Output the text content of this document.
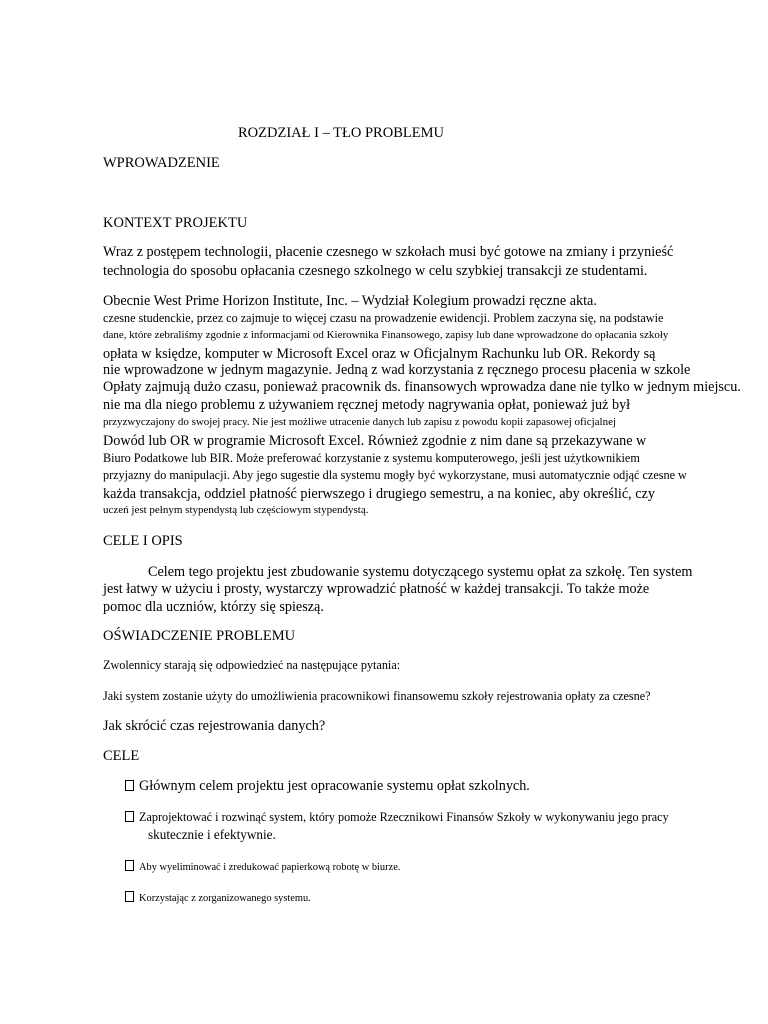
ROZDZIAŁ I – TŁO PROBLEMU
WPROWADZENIE
KONTEXT PROJEKTU
Wraz z postępem technologii, płacenie czesnego w szkołach musi być gotowe na zmiany i przynieść
technologia do sposobu opłacania czesnego szkolnego w celu szybkiej transakcji ze studentami.
Obecnie West Prime Horizon Institute, Inc. – Wydział Kolegium prowadzi ręczne akta.
czesne studenckie, przez co zajmuje to więcej czasu na prowadzenie ewidencji. Problem zaczyna się, na podstawie
dane, które zebraliśmy zgodnie z informacjami od Kierownika Finansowego, zapisy lub dane wprowadzone do opłacania szkoły
opłata w księdze, komputer w Microsoft Excel oraz w Oficjalnym Rachunku lub OR. Rekordy są
nie wprowadzone w jednym magazynie. Jedną z wad korzystania z ręcznego procesu płacenia w szkole
Opłaty zajmują dużo czasu, ponieważ pracownik ds. finansowych wprowadza dane nie tylko w jednym miejscu.
nie ma dla niego problemu z używaniem ręcznej metody nagrywania opłat, ponieważ już był
przyzwyczajony do swojej pracy. Nie jest możliwe utracenie danych lub zapisu z powodu kopii zapasowej oficjalnej
Dowód lub OR w programie Microsoft Excel. Również zgodnie z nim dane są przekazywane w
Biuro Podatkowe lub BIR. Może preferować korzystanie z systemu komputerowego, jeśli jest użytkownikiem
przyjazny do manipulacji. Aby jego sugestie dla systemu mogły być wykorzystane, musi automatycznie odjąć czesne w
każda transakcja, oddziel płatność pierwszego i drugiego semestru, a na koniec, aby określić, czy
uczeń jest pełnym stypendystą lub częściowym stypendystą.
CELE I OPIS
Celem tego projektu jest zbudowanie systemu dotyczącego systemu opłat za szkołę. Ten system
jest łatwy w użyciu i prosty, wystarczy wprowadzić płatność w każdej transakcji. To także może
pomoc dla uczniów, którzy się spieszą.
OŚWIADCZENIE PROBLEMU
Zwolennicy starają się odpowiedzieć na następujące pytania:
Jaki system zostanie użyty do umożliwienia pracownikowi finansowemu szkoły rejestrowania opłaty za czesne?
Jak skrócić czas rejestrowania danych?
CELE
Głównym celem projektu jest opracowanie systemu opłat szkolnych.
Zaprojektować i rozwinąć system, który pomoże Rzecznikowi Finansów Szkoły w wykonywaniu jego pracy
skutecznie i efektywnie.
Aby wyeliminować i zredukować papierkową robotę w biurze.
Korzystając z zorganizowanego systemu.
